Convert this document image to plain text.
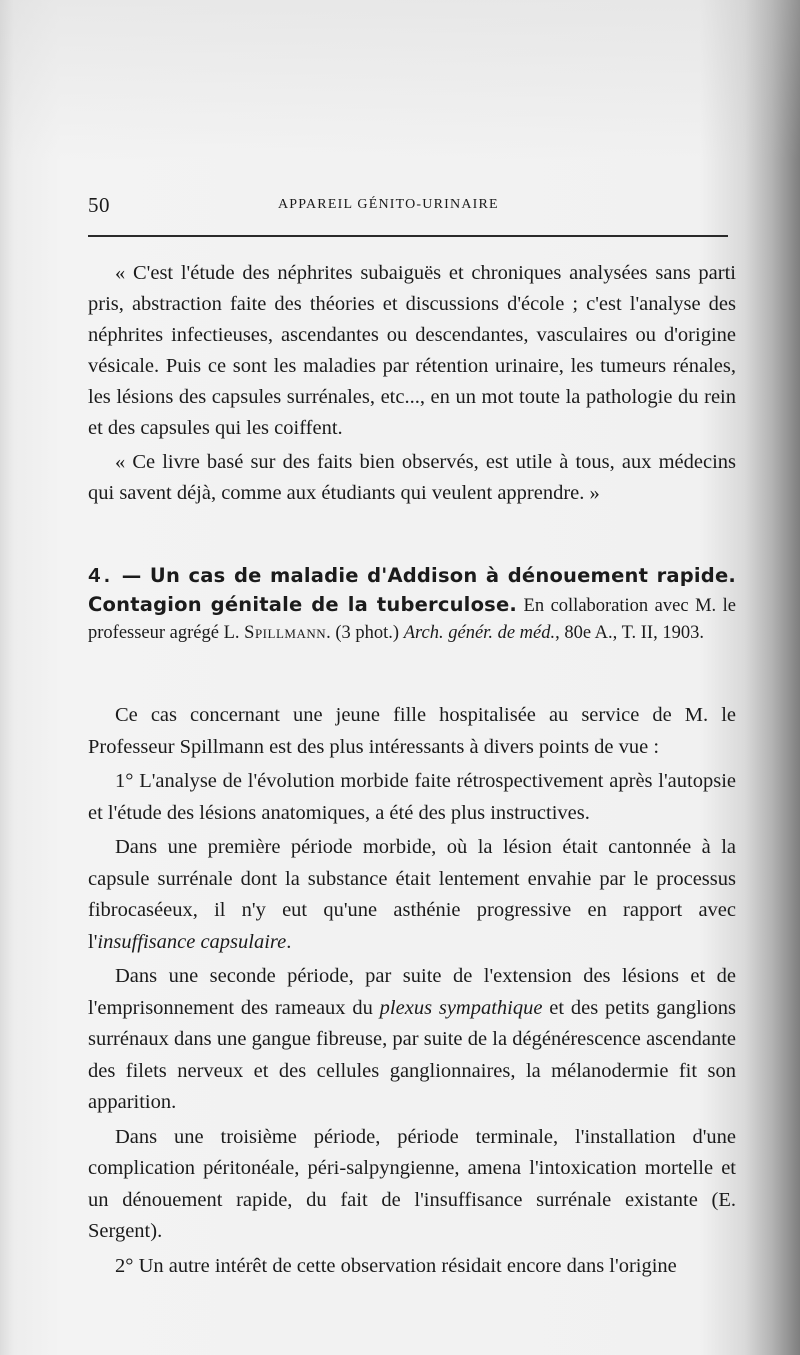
50	APPAREIL GÉNITO-URINAIRE

« C'est l'étude des néphrites subaiguës et chroniques analysées sans parti pris, abstraction faite des théories et discussions d'école ; c'est l'analyse des néphrites infectieuses, ascendantes ou descendantes, vasculaires ou d'origine vésicale. Puis ce sont les maladies par rétention urinaire, les tumeurs rénales, les lésions des capsules surrénales, etc..., en un mot toute la pathologie du rein et des capsules qui les coiffent.

« Ce livre basé sur des faits bien observés, est utile à tous, aux médecins qui savent déjà, comme aux étudiants qui veulent apprendre. »

4. — Un cas de maladie d'Addison à dénouement rapide. Contagion génitale de la tuberculose. En collaboration avec M. le professeur agrégé L. Spillmann. (3 phot.) Arch. génér. de méd., 80e A., T. II, 1903.

Ce cas concernant une jeune fille hospitalisée au service de M. le Professeur Spillmann est des plus intéressants à divers points de vue :

1° L'analyse de l'évolution morbide faite rétrospectivement après l'autopsie et l'étude des lésions anatomiques, a été des plus instructives.

Dans une première période morbide, où la lésion était cantonnée à la capsule surrénale dont la substance était lentement envahie par le processus fibrocaséeux, il n'y eut qu'une asthénie progressive en rapport avec l'insuffisance capsulaire.

Dans une seconde période, par suite de l'extension des lésions et de l'emprisonnement des rameaux du plexus sympathique et des petits ganglions surrénaux dans une gangue fibreuse, par suite de la dégénérescence ascendante des filets nerveux et des cellules ganglionnaires, la mélanodermie fit son apparition.

Dans une troisième période, période terminale, l'installation d'une complication péritonéale, péri-salpyngienne, amena l'intoxication mortelle et un dénouement rapide, du fait de l'insuffisance surrénale existante (E. Sergent).

2° Un autre intérêt de cette observation résidait encore dans l'origine
